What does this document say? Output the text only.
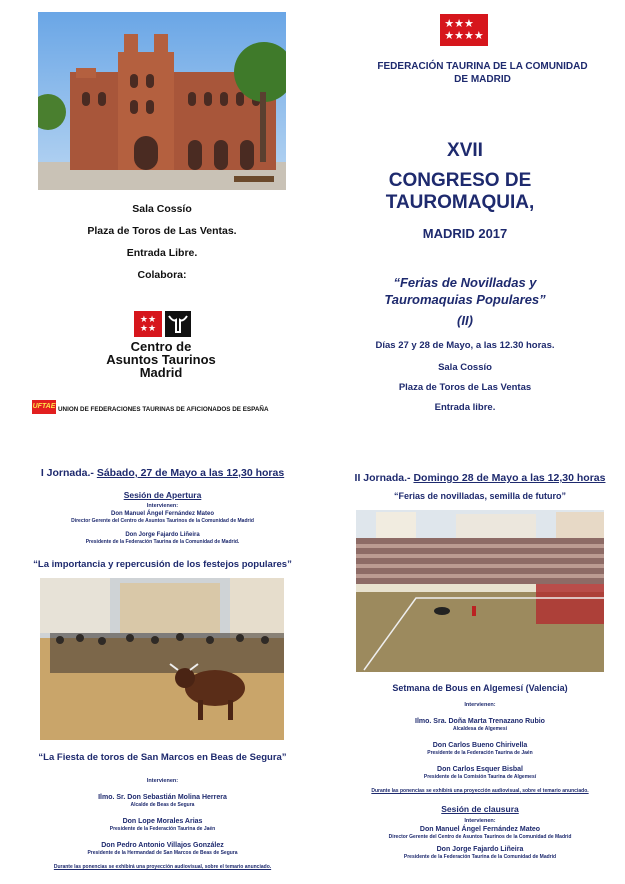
Sala Cossío
Plaza de Toros de Las Ventas.
Entrada Libre.
Colabora:
★★
★★
Centro de
Asuntos Taurinos
Madrid
UFTAE UNION DE FEDERACIONES TAURINAS DE AFICIONADOS DE ESPAÑA
★★★
★★★★
FEDERACIÓN TAURINA DE LA COMUNIDAD
DE MADRID
XVII
CONGRESO DE
TAUROMAQUIA,
MADRID 2017
“Ferias de Novilladas y
Tauromaquias Populares”
(II)
Días 27 y 28 de Mayo, a las 12.30 horas.
Sala Cossío
Plaza de Toros de Las Ventas
Entrada libre.
I Jornada.- Sábado, 27 de Mayo a las 12,30 horas
Sesión de Apertura
Intervienen:
Don Manuel Ángel Fernández Mateo
Director Gerente del Centro de Asuntos Taurinos de la Comunidad de Madrid
Don Jorge Fajardo Liñeira
Presidente de la Federación Taurina de la Comunidad de Madrid.
“La importancia y repercusión de los festejos populares”
“La Fiesta de toros de San Marcos en Beas de Segura”
Intervienen:
Ilmo. Sr. Don Sebastián Molina Herrera
Alcalde de Beas de Segura
Don Lope Morales Arias
Presidente de la Federación Taurina de Jaén
Don Pedro Antonio Villajos González
Presidente de la Hermandad de San Marcos de Beas de Segura
Durante las ponencias se exhibirá una proyección audiovisual, sobre el temario anunciado.
II Jornada.- Domingo 28 de Mayo a las 12,30 horas
“Ferias de novilladas, semilla de futuro”
Setmana de Bous en Algemesí (Valencia)
Intervienen:
Ilmo. Sra. Doña Marta Trenazano Rubio
Alcaldesa de Algemesí
Don Carlos Bueno Chirivella
Presidente de la Federación Taurina de Jaén
Don Carlos Esquer Bisbal
Presidente de la Comisión Taurina de Algemesí
Durante las ponencias se exhibirá una proyección audiovisual, sobre el temario anunciado.
Sesión de clausura
Intervienen:
Don Manuel Ángel Fernández Mateo
Director Gerente del Centro de Asuntos Taurinos de la Comunidad de Madrid
Don Jorge Fajardo Liñeira
Presidente de la Federación Taurina de la Comunidad de Madrid
